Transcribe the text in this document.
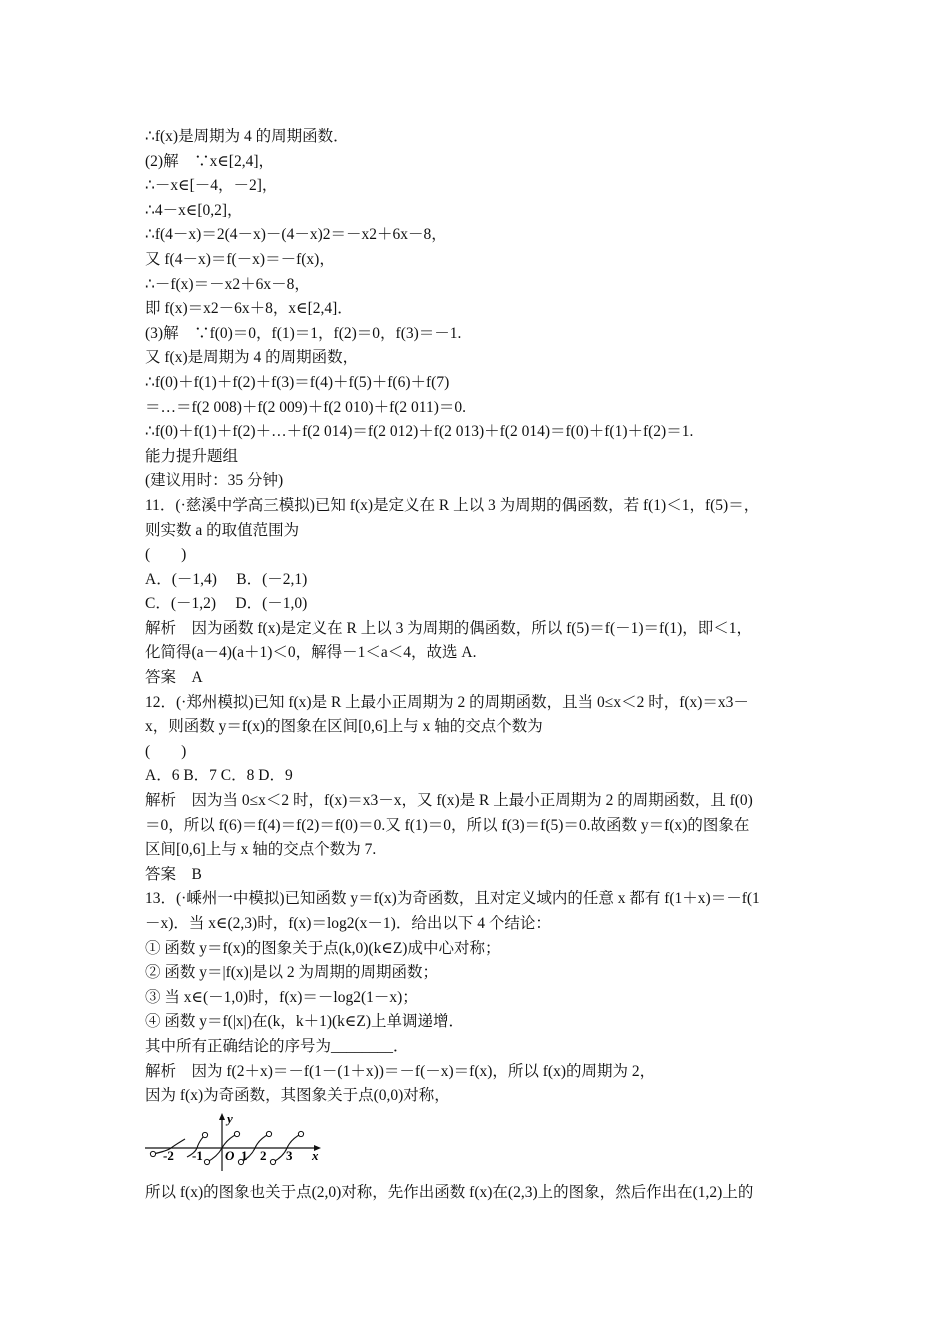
∴f(x)是周期为 4 的周期函数．
(2)解　∵x∈[2,4]，
∴－x∈[－4，－2]，
∴4－x∈[0,2]，
∴f(4－x)＝2(4－x)－(4－x)2＝－x2＋6x－8，
又 f(4－x)＝f(－x)＝－f(x)，
∴－f(x)＝－x2＋6x－8，
即 f(x)＝x2－6x＋8，x∈[2,4]．
(3)解　∵f(0)＝0，f(1)＝1，f(2)＝0，f(3)＝－1.
又 f(x)是周期为 4 的周期函数，
∴f(0)＋f(1)＋f(2)＋f(3)＝f(4)＋f(5)＋f(6)＋f(7)
＝…＝f(2 008)＋f(2 009)＋f(2 010)＋f(2 011)＝0.
∴f(0)＋f(1)＋f(2)＋…＋f(2 014)＝f(2 012)＋f(2 013)＋f(2 014)＝f(0)＋f(1)＋f(2)＝1.
能力提升题组
(建议用时：35 分钟)
11．(·慈溪中学高三模拟)已知 f(x)是定义在 R 上以 3 为周期的偶函数，若 f(1)＜1，f(5)＝，
则实数 a 的取值范围为
(　　)
A．(－1,4)　 B．(－2,1)
C．(－1,2)　 D．(－1,0)
解析　因为函数 f(x)是定义在 R 上以 3 为周期的偶函数，所以 f(5)＝f(－1)＝f(1)，即＜1，
化简得(a－4)(a＋1)＜0，解得－1＜a＜4，故选 A.
答案　A
12．(·郑州模拟)已知 f(x)是 R 上最小正周期为 2 的周期函数，且当 0≤x＜2 时，f(x)＝x3－
x，则函数 y＝f(x)的图象在区间[0,6]上与 x 轴的交点个数为
(　　)
A．6 B．7 C．8 D．9
解析　因为当 0≤x＜2 时，f(x)＝x3－x，又 f(x)是 R 上最小正周期为 2 的周期函数，且 f(0)
＝0，所以 f(6)＝f(4)＝f(2)＝f(0)＝0.又 f(1)＝0，所以 f(3)＝f(5)＝0.故函数 y＝f(x)的图象在
区间[0,6]上与 x 轴的交点个数为 7.
答案　B
13．(·嵊州一中模拟)已知函数 y＝f(x)为奇函数，且对定义域内的任意 x 都有 f(1＋x)＝－f(1
－x)．当 x∈(2,3)时，f(x)＝log2(x－1)．给出以下 4 个结论：
① 函数 y＝f(x)的图象关于点(k,0)(k∈Z)成中心对称；
② 函数 y＝|f(x)|是以 2 为周期的周期函数；
③ 当 x∈(－1,0)时，f(x)＝－log2(1－x)；
④ 函数 y＝f(|x|)在(k，k＋1)(k∈Z)上单调递增．
其中所有正确结论的序号为________．
解析　因为 f(2＋x)＝－f(1－(1＋x))＝－f(－x)＝f(x)，所以 f(x)的周期为 2，
因为 f(x)为奇函数，其图象关于点(0,0)对称，
y
x
O
-2 -1	1 2 3
所以 f(x)的图象也关于点(2,0)对称，先作出函数 f(x)在(2,3)上的图象，然后作出在(1,2)上的
